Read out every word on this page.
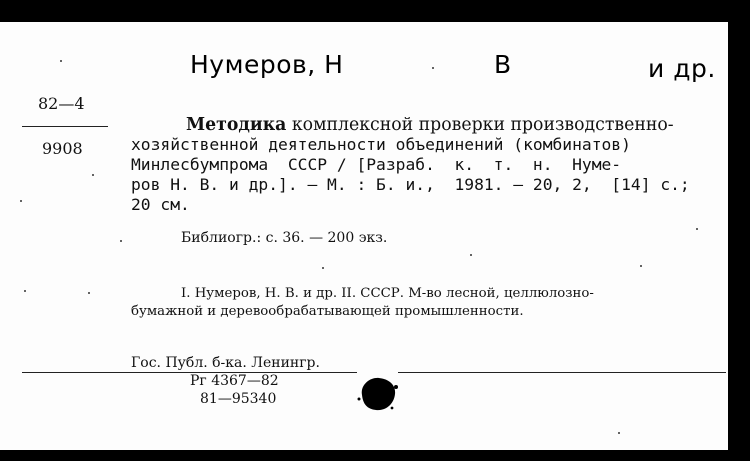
Нумеров, Н	В	и др.
82—4
9908
Методика комплексной проверки производственно-
хозяйственной деятельности объединений (комбинатов)
Минлесбумпрома  СССР / [Разраб.  к.  т.  н.  Нуме-
ров Н. В. и др.]. — М. : Б. и.,  1981. — 20, 2,  [14] с.;
20 см.
Библиогр.: с. 36. — 200 экз.
I. Нумеров, Н. В. и др. II. СССР. М-во лесной, целлюлозно-
бумажной и деревообрабатывающей промышленности.
Гос. Публ. б-ка. Ленингр.
Рг 4367—82
81—95340
